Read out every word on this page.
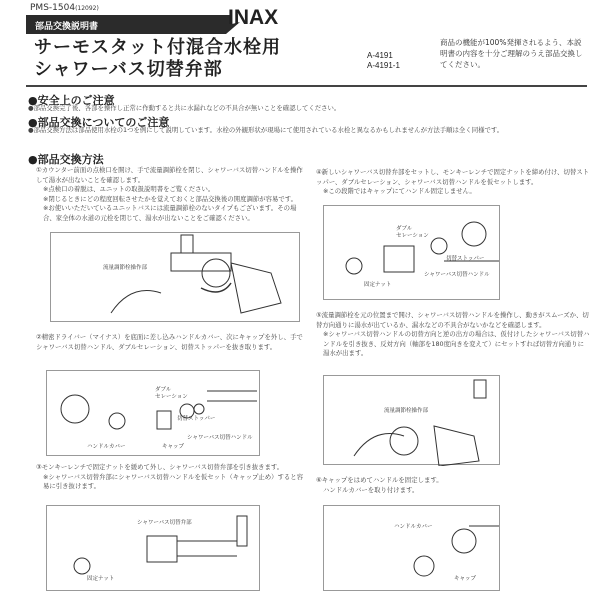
PMS-1504(12092)
部品交換説明書	INAX
サーモスタット付混合水栓用
シャワーバス切替弁部
A-4191
A-4191-1
商品の機能が100%発揮されるよう、本説明書の内容を十分ご理解のうえ部品交換してください。
●安全上のご注意
●部品交換完了後、各部を操作し正常に作動すると共に水漏れなどの不具合が無いことを確認してください。
●部品交換についてのご注意
●部品交換方法は部品使用水栓の1つを例にして説明しています。水栓の外観形状が現場にて使用されている水栓と異なるかもしれませんが方法手順は全く同様です。
●部品交換方法
①カウンター前面の点検口を開け、手で流量調節栓を閉じ、シャワーバス切替ハンドルを操作して湯水が出ないことを確認します。
※点検口の着脱は、ユニットの取扱説明書をご覧ください。
※閉じるときにどの程度回転させたかを覚えておくと部品交換後の開度調節が容易です。
※お使いいただいているユニットバスには流量調節栓のないタイプもございます。その場合、家全体の水道の元栓を閉じて、湯水が出ないことをご確認ください。
流量調節栓操作部
②精密ドライバー（マイナス）を底面に差し込みハンドルカバー、次にキャップを外し、手でシャワーバス切替ハンドル、ダブルセレーション、切替ストッパーを抜き取ります。
ダブル
セレーション
切替ストッパー
シャワーバス切替ハンドル
ハンドルカバー	キャップ
③モンキーレンチで固定ナットを緩めて外し、シャワーバス切替弁部を引き抜きます。
※シャワーバス切替弁部にシャワーバス切替ハンドルを仮セット（キャップ止め）すると容易に引き抜けます。
シャワーバス切替弁部
固定ナット
④新しいシャワーバス切替弁部をセットし、モンキーレンチで固定ナットを締め付け、切替ストッパー、ダブルセレーション、シャワーバス切替ハンドルを仮セットします。
※この段階ではキャップにてハンドル固定しません。
ダブル
セレーション
切替ストッパー
シャワーバス切替ハンドル
固定ナット
⑤流量調節栓を元の位置まで開け、シャワーバス切替ハンドルを操作し、動きがスムーズか、切替方向通りに湯水が出ているか、漏水などの不具合がないかなどを確認します。
※シャワーバス切替ハンドルの切替方向と逆の出方の場合は、仮付けしたシャワーバス切替ハンドルを引き抜き、反対方向（軸部を180度向きを変えて）にセットすれば切替方向通りに湯水が出ます。
流量調節栓操作部
⑥キャップをはめてハンドルを固定します。
ハンドルカバーを取り付けます。
ハンドルカバー
キャップ
